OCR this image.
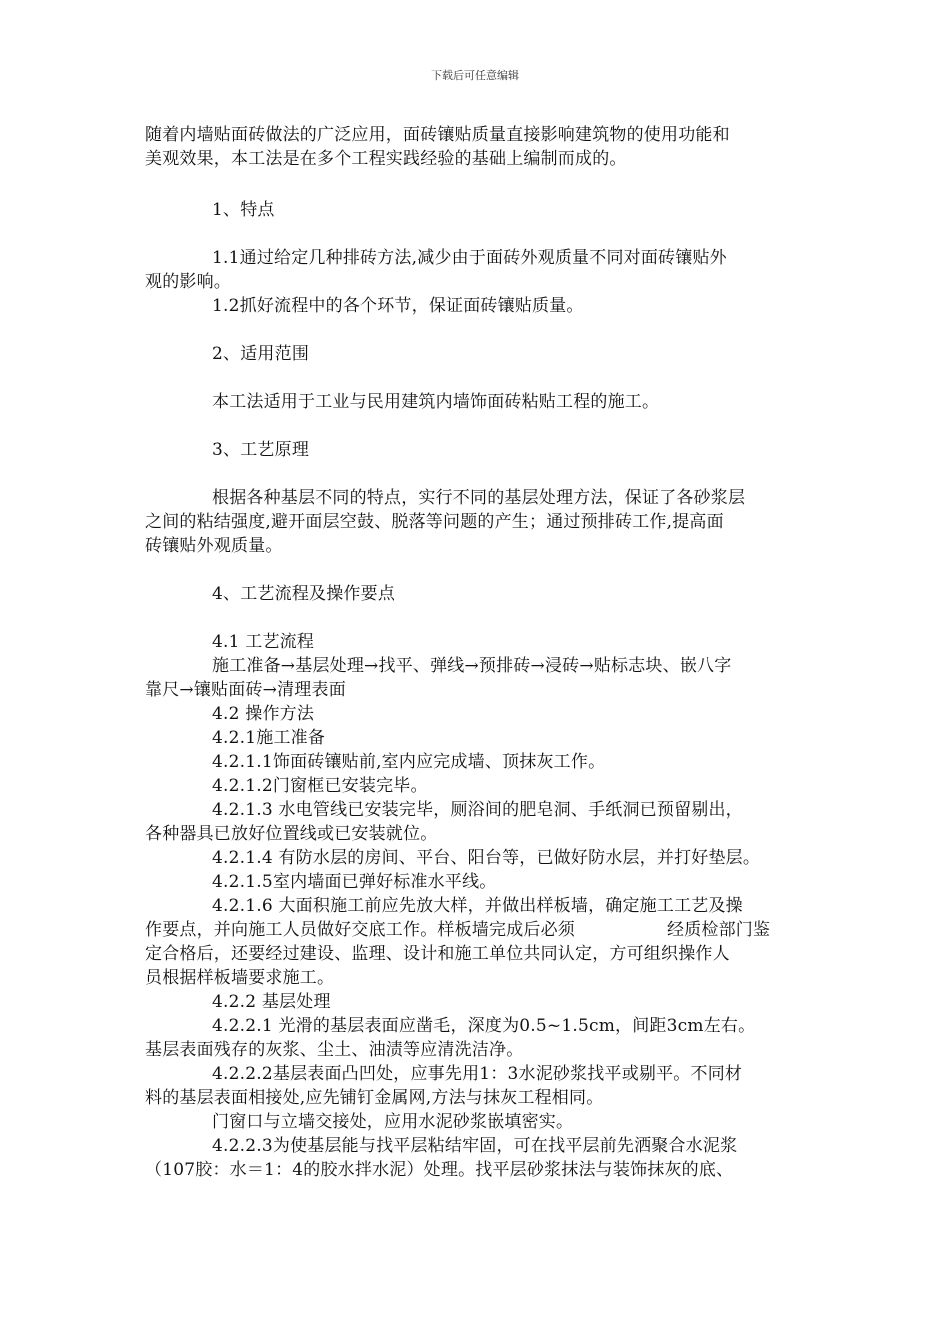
下载后可任意编辑
随着内墙贴面砖做法的广泛应用，面砖镶贴质量直接影响建筑物的使用功能和
美观效果，本工法是在多个工程实践经验的基础上编制而成的。
1、特点
1.1通过给定几种排砖方法,减少由于面砖外观质量不同对面砖镶贴外
观的影响。
1.2抓好流程中的各个环节，保证面砖镶贴质量。
2、适用范围
本工法适用于工业与民用建筑内墙饰面砖粘贴工程的施工。
3、工艺原理
根据各种基层不同的特点，实行不同的基层处理方法，保证了各砂浆层
之间的粘结强度,避开面层空鼓、脱落等问题的产生；通过预排砖工作,提高面
砖镶贴外观质量。
4、工艺流程及操作要点
4.1 工艺流程
施工准备→基层处理→找平、弹线→预排砖→浸砖→贴标志块、嵌八字
靠尺→镶贴面砖→清理表面
4.2 操作方法
4.2.1施工准备
4.2.1.1饰面砖镶贴前,室内应完成墙、顶抹灰工作。
4.2.1.2门窗框已安装完毕。
4.2.1.3 水电管线已安装完毕，厕浴间的肥皂洞、手纸洞已预留剔出，
各种器具已放好位置线或已安装就位。
4.2.1.4 有防水层的房间、平台、阳台等，已做好防水层，并打好垫层。
4.2.1.5室内墙面已弹好标准水平线。
4.2.1.6 大面积施工前应先放大样，并做出样板墙，确定施工工艺及操
作要点，并向施工人员做好交底工作。样板墙完成后必须	经质检部门鉴
定合格后，还要经过建设、监理、设计和施工单位共同认定，方可组织操作人
员根据样板墙要求施工。
4.2.2 基层处理
4.2.2.1 光滑的基层表面应凿毛，深度为0.5~1.5cm，间距3cm左右。
基层表面残存的灰浆、尘土、油渍等应清洗洁净。
4.2.2.2基层表面凸凹处，应事先用1：3水泥砂浆找平或剔平。不同材
料的基层表面相接处,应先铺钉金属网,方法与抹灰工程相同。
门窗口与立墙交接处，应用水泥砂浆嵌填密实。
4.2.2.3为使基层能与找平层粘结牢固，可在找平层前先洒聚合水泥浆
（107胶：水＝1：4的胶水拌水泥）处理。找平层砂浆抹法与装饰抹灰的底、
